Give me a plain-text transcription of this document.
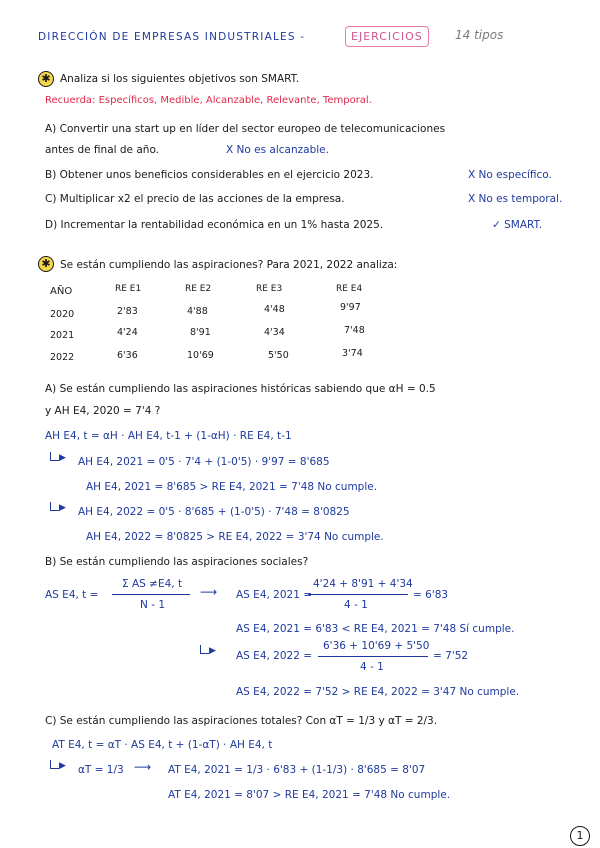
DIRECCIÓN DE EMPRESAS INDUSTRIALES -	EJERCICIOS	14 tipos
✱ Analiza si los siguientes objetivos son SMART.
Recuerda: Específicos, Medible, Alcanzable, Relevante, Temporal.
A) Convertir una start up en líder del sector europeo de telecomunicaciones
antes de final de año.	X No es alcanzable.
B) Obtener unos beneficios considerables en el ejercicio 2023.	X No específico.
C) Multiplicar x2 el precio de las acciones de la empresa.	X No es temporal.
D) Incrementar la rentabilidad económica en un 1% hasta 2025.	✓ SMART.
✱ Se están cumpliendo las aspiraciones? Para 2021, 2022 analiza:
AÑO	RE E1	RE E2	RE E3	RE E4
2020	2'83	4'88	4'48	9'97
2021	4'24	8'91	4'34	7'48
2022	6'36	10'69	5'50	3'74
A) Se están cumpliendo las aspiraciones históricas sabiendo que αH = 0.5
y AH E4, 2020 = 7'4 ?
AH E4, t = αH · AH E4, t-1 + (1-αH) · RE E4, t-1
▶ AH E4, 2021 = 0'5 · 7'4 + (1-0'5) · 9'97 = 8'685
AH E4, 2021 = 8'685 > RE E4, 2021 = 7'48 No cumple.
▶ AH E4, 2022 = 0'5 · 8'685 + (1-0'5) · 7'48 = 8'0825
AH E4, 2022 = 8'0825 > RE E4, 2022 = 3'74 No cumple.
B) Se están cumpliendo las aspiraciones sociales?
AS E4, t =
Σ AS ≠E4, t
N - 1
⟶ AS E4, 2021 =
4'24 + 8'91 + 4'34
4 - 1
= 6'83
AS E4, 2021 = 6'83 < RE E4, 2021 = 7'48 Sí cumple.
▶ AS E4, 2022 =
6'36 + 10'69 + 5'50
4 - 1
= 7'52
AS E4, 2022 = 7'52 > RE E4, 2022 = 3'47 No cumple.
C) Se están cumpliendo las aspiraciones totales? Con αT = 1/3 y αT = 2/3.
AT E4, t = αT · AS E4, t + (1-αT) · AH E4, t
▶ αT = 1/3 ⟶ AT E4, 2021 = 1/3 · 6'83 + (1-1/3) · 8'685 = 8'07
AT E4, 2021 = 8'07 > RE E4, 2021 = 7'48 No cumple.
1
